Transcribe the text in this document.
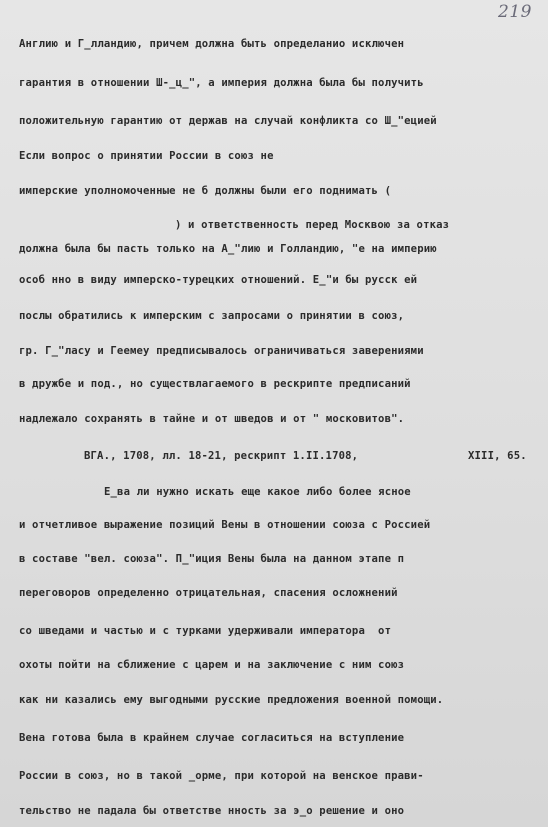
219
Англию и Г_лландию, причем должна быть определанио исключен
гарантия в отношении Ш-_ц_", а империя должна была бы получить
положительную гарантию от держав на случай конфликта со Ш_"ецией
Если вопрос о принятии России в союз не
имперские уполномоченные не б должны были его поднимать (
) и ответственность перед Москвою за отказ
должна была бы пасть только на А_"лию и Голландию, "е на империю
особ нно в виду имперско-турецких отношений. Е_"и бы русск ей
послы обратились к имперским с запросами о принятии в союз,
гр. Г_"ласу и Геемеу предписывалось ограничиваться заверениями
в дружбе и под., но существлагаемого в рескрипте предписаний
надлежало сохранять в тайне и от шведов и от " московитов".
ВГА., 1708, лл. 18-21, рескрипт 1.II.1708,	XIII, 65.
Е_ва ли нужно искать еще какое либо более ясное
и отчетливое выражение позиций Вены в отношении союза с Россией
в составе "вел. союза". П_"иция Вены была на данном этапе п
переговоров определенно отрицательная, спасения осложнений
со шведами и частью и с турками удерживали императора  от
охоты пойти на сближение с царем и на заключение с ним союз
как ни казались ему выгодными русские предложения военной помощи.
Вена готова была в крайнем случае согласиться на вступление
России в союз, но в такой _орме, при которой на венское прави-
тельство не падала бы ответстве нность за э_о решение и оно
